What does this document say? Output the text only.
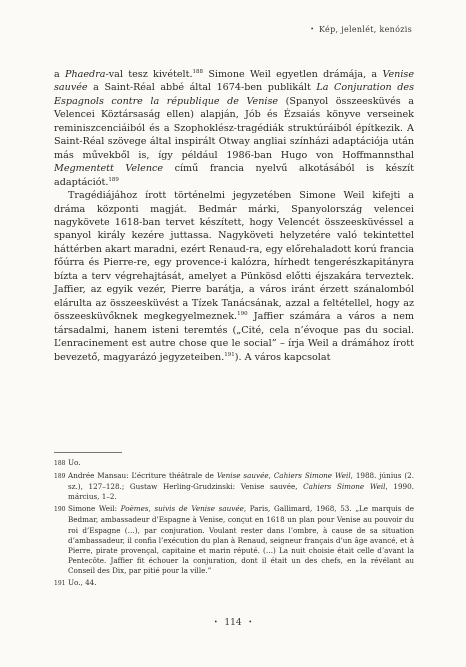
• Kép, jelenlét, kenózis

a Phaedra-val tesz kivételt.$^{188}$ Simone Weil egyetlen drámája, a Venise sauvée a Saint-Réal abbé által 1674-ben publikált La Conjuration des Espagnols contre la république de Venise (Spanyol összeesküvés a Velencei Köztársaság ellen) alapján, Jób és Ézsaiás könyve verseinek reminiszcenciáiból és a Szophoklész-tragédiák struktúráiból építkezik. A Saint-Réal szövege által inspirált Otway angliai színházi adaptációja után más művekből is, így például 1986-ban Hugo von Hoffmannsthal Megmentett Velence című francia nyelvű alkotásából is készít adaptációt.$^{189}$

Tragédiájához írott történelmi jegyzetében Simone Weil kifejti a dráma központi magját. Bedmár márki, Spanyolország velencei nagykövete 1618-ban tervet készített, hogy Velencét összeesküvéssel a spanyol király kezére juttassa. Nagyköveti helyzetére való tekintettel háttérben akart maradni, ezért Renaud-ra, egy előrehaladott korú francia főúrra és Pierre-re, egy provence-i kalózra, hírhedt tengerészkapitányra bízta a terv végrehajtását, amelyet a Pünkösd előtti éjszakára terveztek. Jaffier, az egyik vezér, Pierre barátja, a város iránt érzett szánalomból elárulta az összeesküvést a Tízek Tanácsának, azzal a feltétellel, hogy az összeesküvőknek megkegyelmeznek.$^{190}$ Jaffier számára a város a nem társadalmi, hanem isteni teremtés („Cité, cela n’évoque pas du social. L’enracinement est autre chose que le social” – írja Weil a drámához írott bevezető, magyarázó jegyzeteiben.$^{191}$). A város kapcsolat

188 Uo.

189 Andrée Mansau: L’écriture théâtrale de Venise sauvée, Cahiers Simone Weil, 1988. június (2. sz.), 127–128.; Gustaw Herling-Grudzinski: Venise sauvée, Cahiers Simone Weil, 1990. március, 1–2.

190 Simone Weil: Poèmes, suivis de Venise sauvée, Paris, Gallimard, 1968, 53. „Le marquis de Bedmar, ambassadeur d’Espagne à Venise, conçut en 1618 un plan pour Venise au pouvoir du roi d’Espagne (…), par conjuration. Voulant rester dans l’ombre, à cause de sa situation d’ambassadeur, il confia l’exécution du plan à Renaud, seigneur français d’un âge avancé, et à Pierre, pirate provençal, capitaine et marin réputé. (…) La nuit choisie était celle d’avant la Pentecôte. Jaffier fit échouer la conjuration, dont il était un des chefs, en la révélant au Conseil des Dix, par pitié pour la ville.”

191 Uo., 44.

• 114 •
